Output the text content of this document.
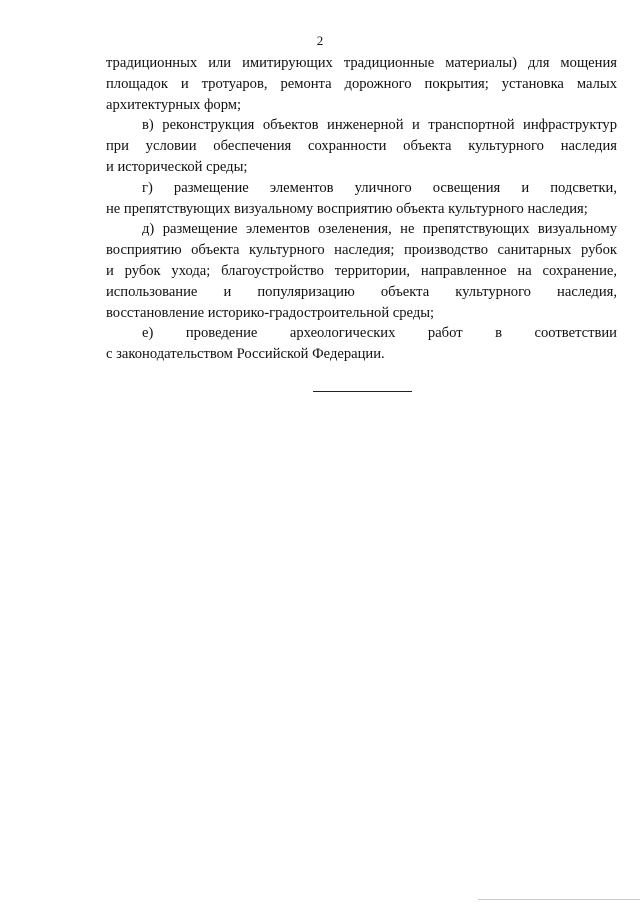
2

традиционных или имитирующих традиционные материалы) для мощения
площадок и тротуаров, ремонта дорожного покрытия; установка малых
архитектурных форм;

в) реконструкция объектов инженерной и транспортной инфраструктур
при условии обеспечения сохранности объекта культурного наследия
и исторической среды;

г) размещение элементов уличного освещения и подсветки,
не препятствующих визуальному восприятию объекта культурного наследия;

д) размещение элементов озеленения, не препятствующих визуальному
восприятию объекта культурного наследия; производство санитарных рубок
и рубок ухода; благоустройство территории, направленное на сохранение,
использование и популяризацию объекта культурного наследия,
восстановление историко-градостроительной среды;

е) проведение археологических работ в соответствии
с законодательством Российской Федерации.
